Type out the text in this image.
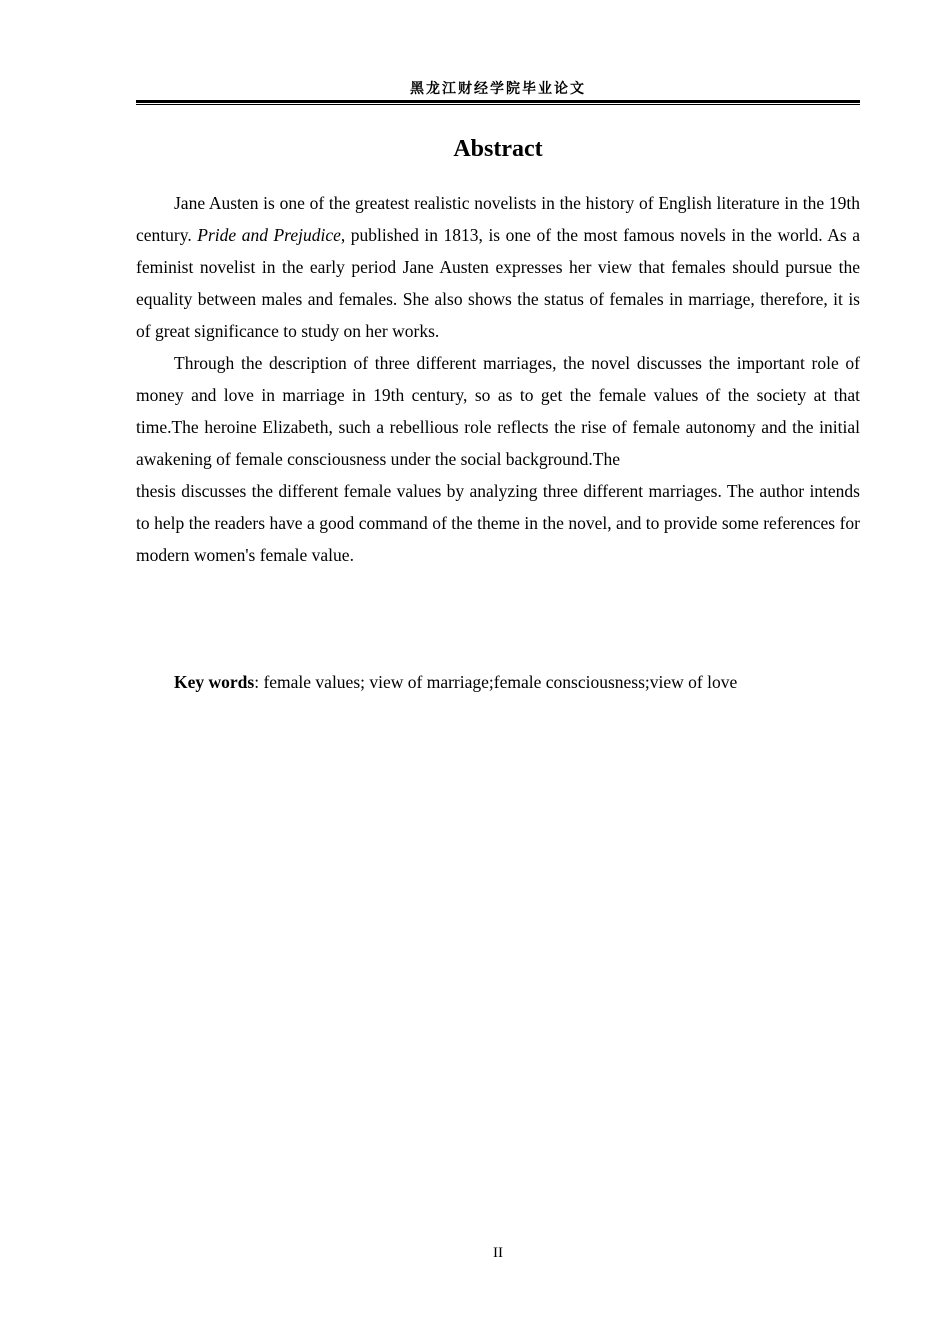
黑龙江财经学院毕业论文
Abstract

Jane Austen is one of the greatest realistic novelists in the history of English literature in the 19th century. Pride and Prejudice, published in 1813, is one of the most famous novels in the world. As a feminist novelist in the early period Jane Austen expresses her view that females should pursue the equality between males and females. She also shows the status of females in marriage, therefore, it is of great significance to study on her works.

Through the description of three different marriages, the novel discusses the important role of money and love in marriage in 19th century, so as to get the female values of the society at that time.The heroine Elizabeth, such a rebellious role reflects the rise of female autonomy and the initial awakening of female consciousness under the social background.The

thesis discusses the different female values by analyzing three different marriages. The author intends to help the readers have a good command of the theme in the novel, and to provide some references for modern women's female value.

Key words: female values; view of marriage;female consciousness;view of love
II
